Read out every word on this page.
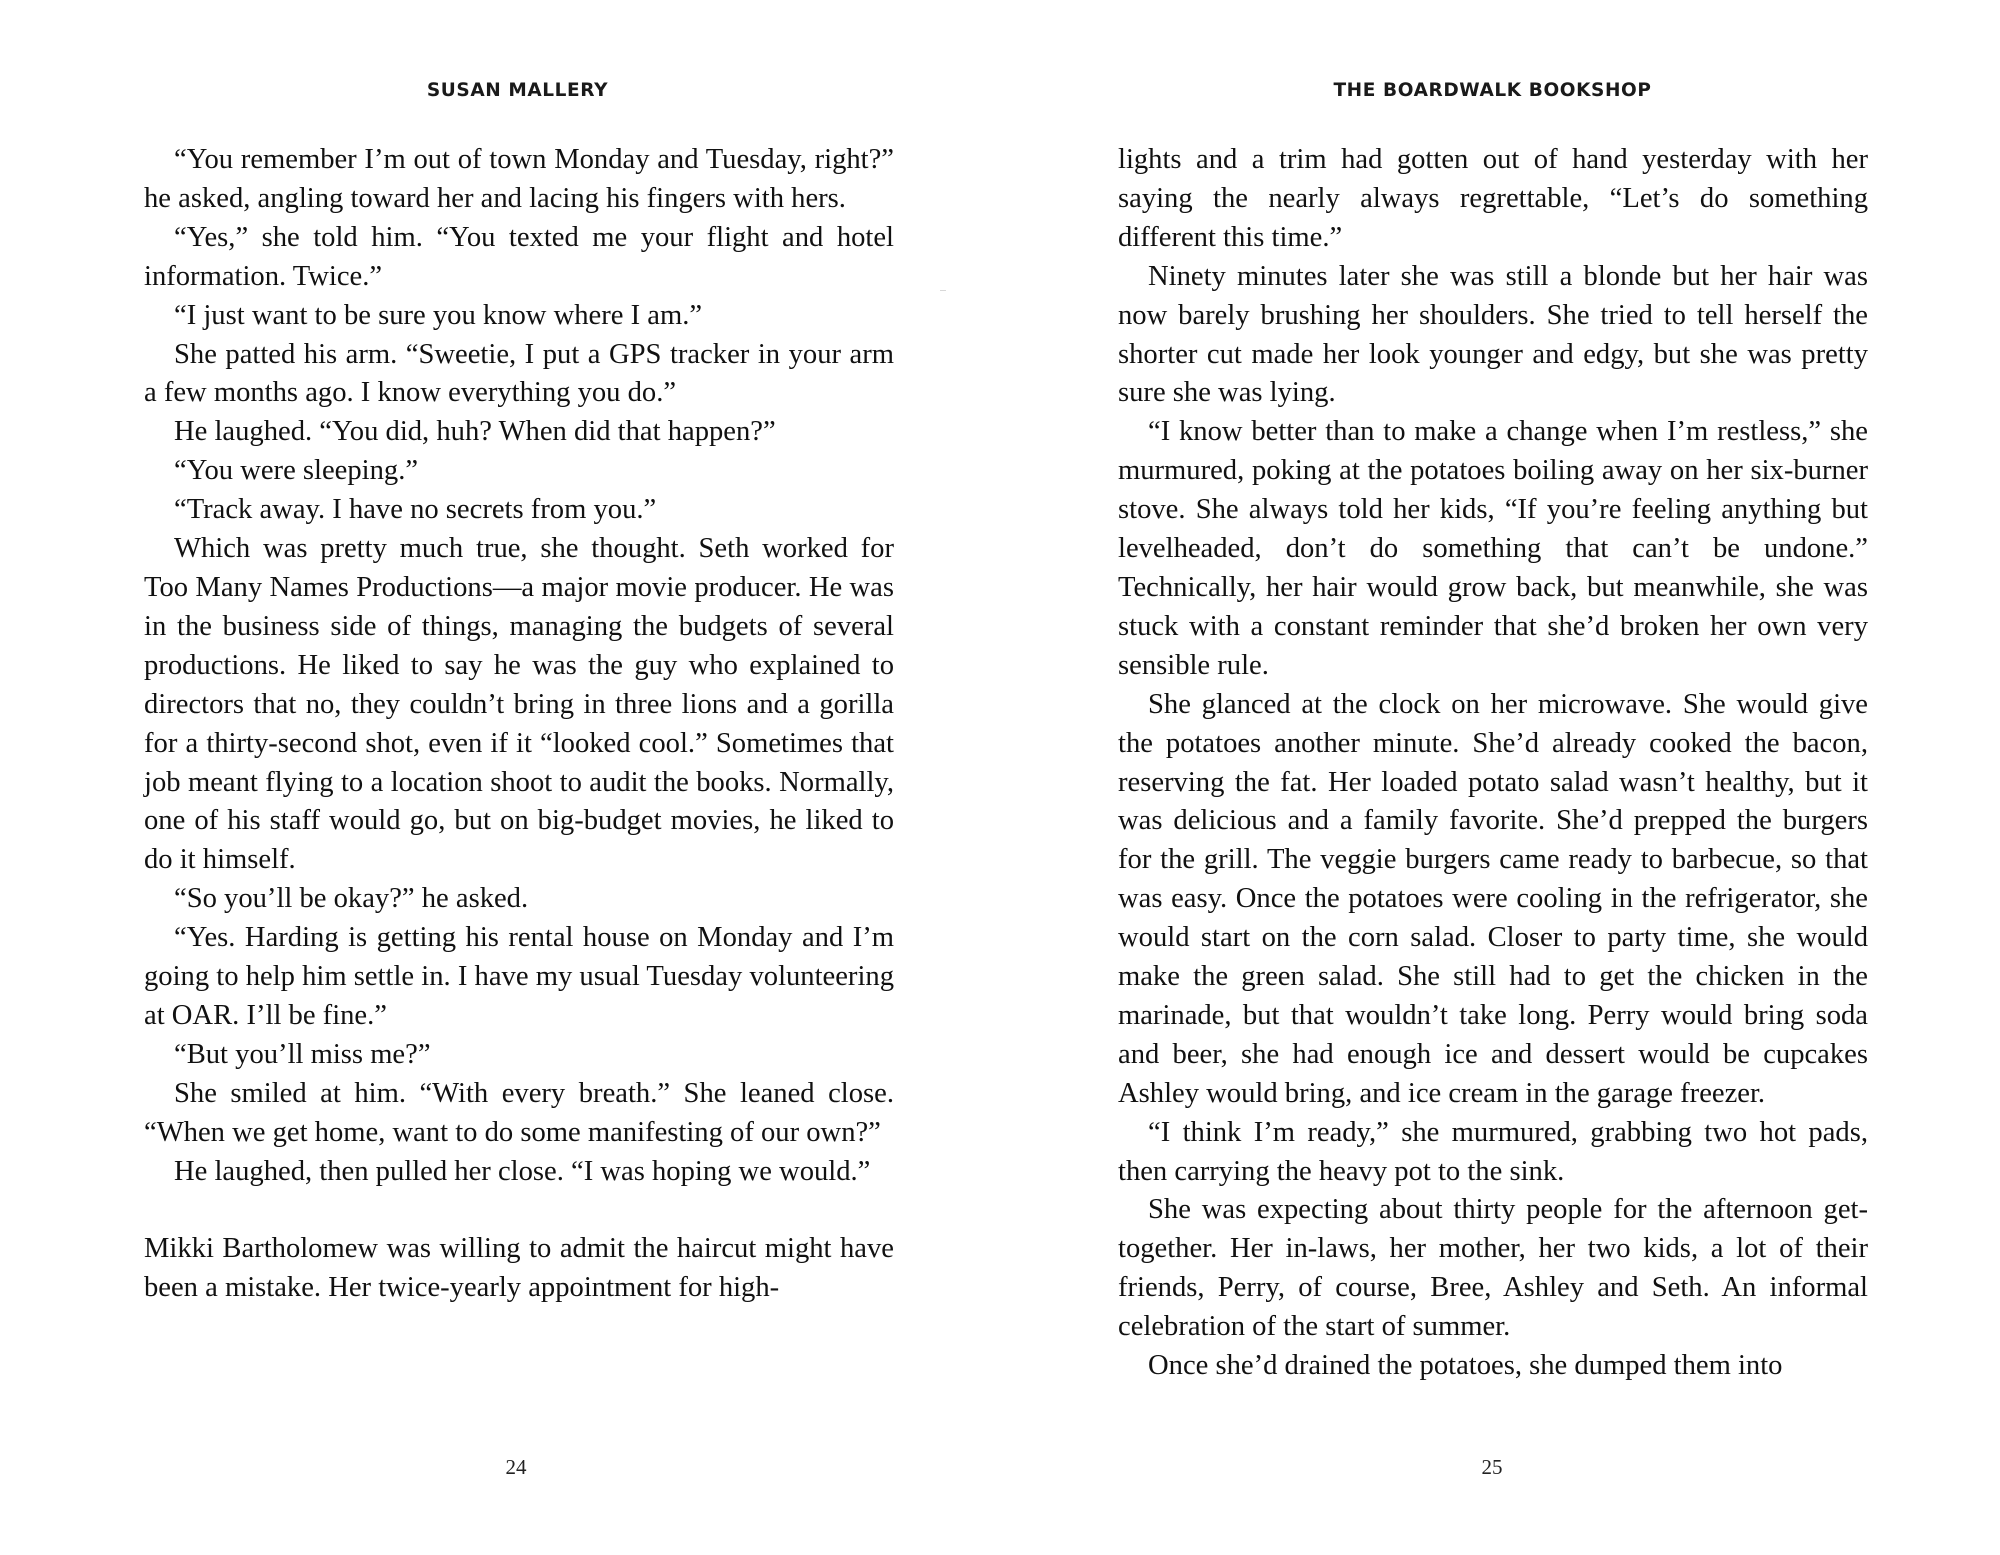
SUSAN MALLERY

“You remember I’m out of town Monday and Tuesday, right?” he asked, angling toward her and lacing his fingers with hers.

“Yes,” she told him. “You texted me your flight and hotel information. Twice.”

“I just want to be sure you know where I am.”

She patted his arm. “Sweetie, I put a GPS tracker in your arm a few months ago. I know everything you do.”

He laughed. “You did, huh? When did that happen?”

“You were sleeping.”

“Track away. I have no secrets from you.”

Which was pretty much true, she thought. Seth worked for Too Many Names Productions—a major movie producer. He was in the business side of things, managing the budgets of several productions. He liked to say he was the guy who explained to directors that no, they couldn’t bring in three lions and a gorilla for a thirty-second shot, even if it “looked cool.” Sometimes that job meant flying to a location shoot to audit the books. Normally, one of his staff would go, but on big-budget movies, he liked to do it himself.

“So you’ll be okay?” he asked.

“Yes. Harding is getting his rental house on Monday and I’m going to help him settle in. I have my usual Tuesday volunteering at OAR. I’ll be fine.”

“But you’ll miss me?”

She smiled at him. “With every breath.” She leaned close. “When we get home, want to do some manifesting of our own?”

He laughed, then pulled her close. “I was hoping we would.”

Mikki Bartholomew was willing to admit the haircut might have been a mistake. Her twice-yearly appointment for high-

24
THE BOARDWALK BOOKSHOP

lights and a trim had gotten out of hand yesterday with her saying the nearly always regrettable, “Let’s do something different this time.”

Ninety minutes later she was still a blonde but her hair was now barely brushing her shoulders. She tried to tell herself the shorter cut made her look younger and edgy, but she was pretty sure she was lying.

“I know better than to make a change when I’m restless,” she murmured, poking at the potatoes boiling away on her six-burner stove. She always told her kids, “If you’re feeling anything but levelheaded, don’t do something that can’t be undone.” Technically, her hair would grow back, but meanwhile, she was stuck with a constant reminder that she’d broken her own very sensible rule.

She glanced at the clock on her microwave. She would give the potatoes another minute. She’d already cooked the bacon, reserving the fat. Her loaded potato salad wasn’t healthy, but it was delicious and a family favorite. She’d prepped the burgers for the grill. The veggie burgers came ready to barbecue, so that was easy. Once the potatoes were cooling in the refrigerator, she would start on the corn salad. Closer to party time, she would make the green salad. She still had to get the chicken in the marinade, but that wouldn’t take long. Perry would bring soda and beer, she had enough ice and dessert would be cupcakes Ashley would bring, and ice cream in the garage freezer.

“I think I’m ready,” she murmured, grabbing two hot pads, then carrying the heavy pot to the sink.

She was expecting about thirty people for the afternoon get-together. Her in-laws, her mother, her two kids, a lot of their friends, Perry, of course, Bree, Ashley and Seth. An informal celebration of the start of summer.

Once she’d drained the potatoes, she dumped them into

25
